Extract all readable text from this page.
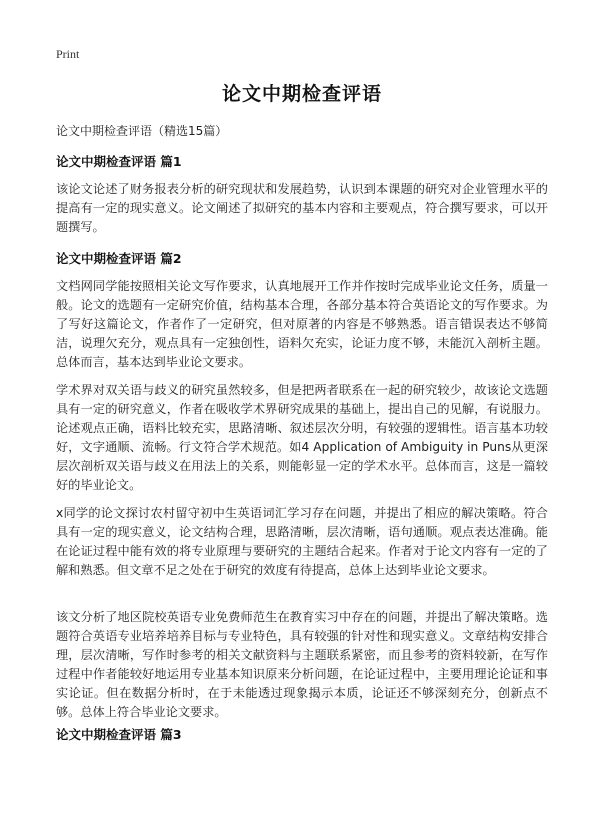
Print
论文中期检查评语
论文中期检查评语（精选15篇）
论文中期检查评语 篇1
该论文论述了财务报表分析的研究现状和发展趋势，认识到本课题的研究对企业管理水平的提高有一定的现实意义。论文阐述了拟研究的基本内容和主要观点，符合撰写要求，可以开题撰写。
论文中期检查评语 篇2
文档网同学能按照相关论文写作要求，认真地展开工作并作按时完成毕业论文任务，质量一般。论文的选题有一定研究价值，结构基本合理，各部分基本符合英语论文的写作要求。为了写好这篇论文，作者作了一定研究，但对原著的内容是不够熟悉。语言错误表达不够简洁，说理欠充分，观点具有一定独创性，语料欠充实，论证力度不够，未能沉入剖析主题。总体而言，基本达到毕业论文要求。
学术界对双关语与歧义的研究虽然较多，但是把两者联系在一起的研究较少，故该论文选题具有一定的研究意义，作者在吸收学术界研究成果的基础上，提出自己的见解，有说服力。论述观点正确，语料比较充实，思路清晰、叙述层次分明，有较强的逻辑性。语言基本功较好，文字通顺、流畅。行文符合学术规范。如4 Application of Ambiguity in Puns从更深层次剖析双关语与歧义在用法上的关系，则能彰显一定的学术水平。总体而言，这是一篇较好的毕业论文。
x同学的论文探讨农村留守初中生英语词汇学习存在问题，并提出了相应的解决策略。符合具有一定的现实意义，论文结构合理，思路清晰，层次清晰，语句通顺。观点表达准确。能在论证过程中能有效的将专业原理与要研究的主题结合起来。作者对于论文内容有一定的了解和熟悉。但文章不足之处在于研究的效度有待提高，总体上达到毕业论文要求。
该文分析了地区院校英语专业免费师范生在教育实习中存在的问题，并提出了解决策略。选题符合英语专业培养培养目标与专业特色，具有较强的针对性和现实意义。文章结构安排合理，层次清晰，写作时参考的相关文献资料与主题联系紧密，而且参考的资料较新，在写作过程中作者能较好地运用专业基本知识原来分析问题，在论证过程中，主要用理论论证和事实论证。但在数据分析时，在于未能透过现象揭示本质，论证还不够深刻充分，创新点不够。总体上符合毕业论文要求。
论文中期检查评语 篇3
